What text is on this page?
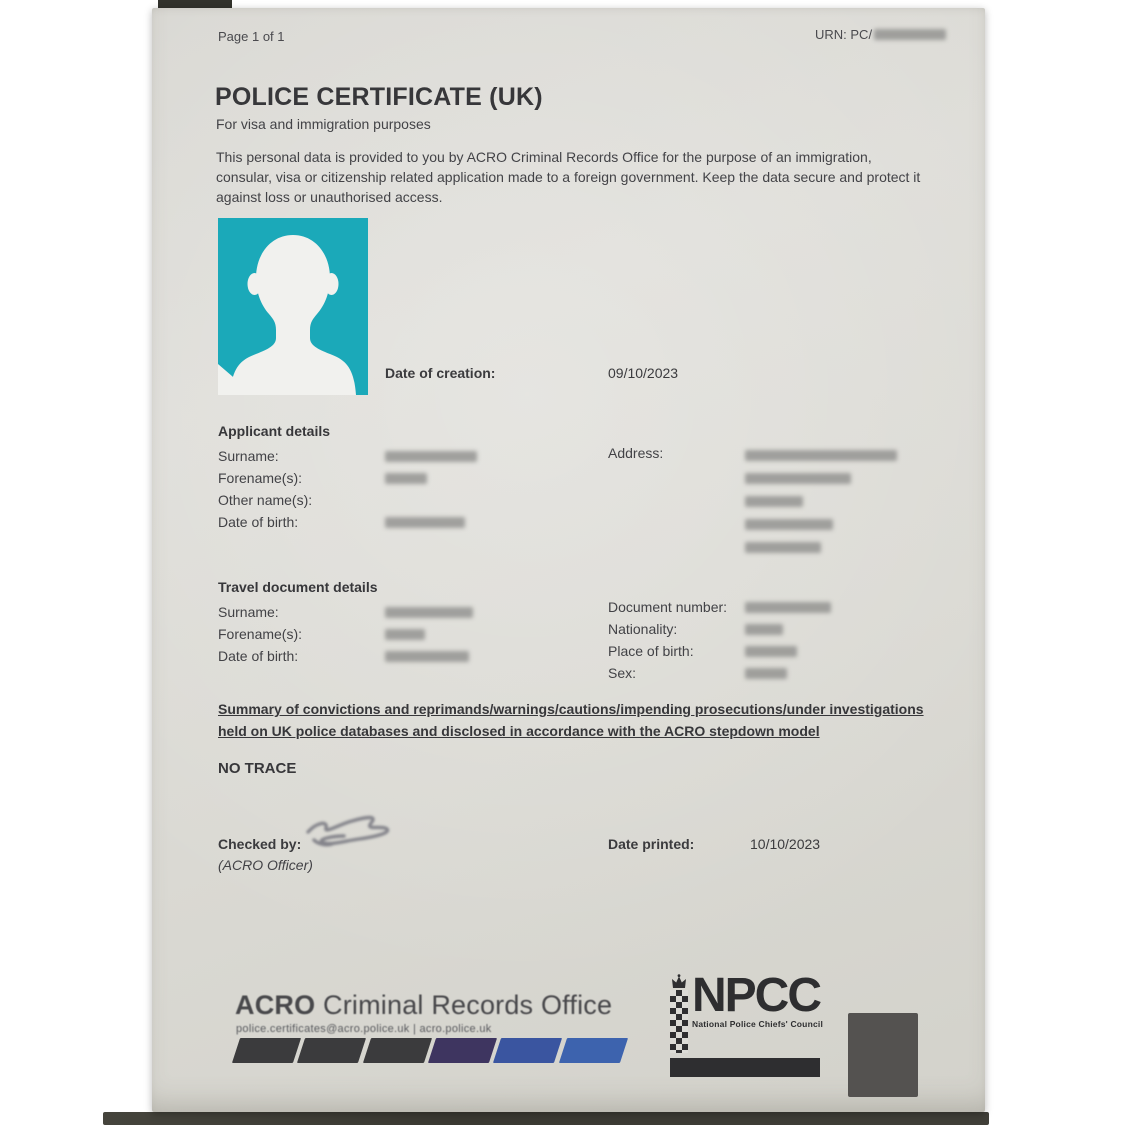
Page 1 of 1	URN: PC/
POLICE CERTIFICATE (UK)
For visa and immigration purposes
This personal data is provided to you by ACRO Criminal Records Office for the purpose of an immigration, consular, visa or citizenship related application made to a foreign government. Keep the data secure and protect it against loss or unauthorised access.
Date of creation:	09/10/2023
Applicant details
Surname:
Forename(s):
Other name(s):
Date of birth:
Address:
Travel document details
Surname:
Forename(s):
Date of birth:
Document number:
Nationality:
Place of birth:
Sex:
Summary of convictions and reprimands/warnings/cautions/impending prosecutions/under investigations held on UK police databases and disclosed in accordance with the ACRO stepdown model
NO TRACE
Checked by:
(ACRO Officer)
Date printed:	10/10/2023
ACRO Criminal Records Office
police.certificates@acro.police.uk | acro.police.uk
NPCC
National Police Chiefs' Council
